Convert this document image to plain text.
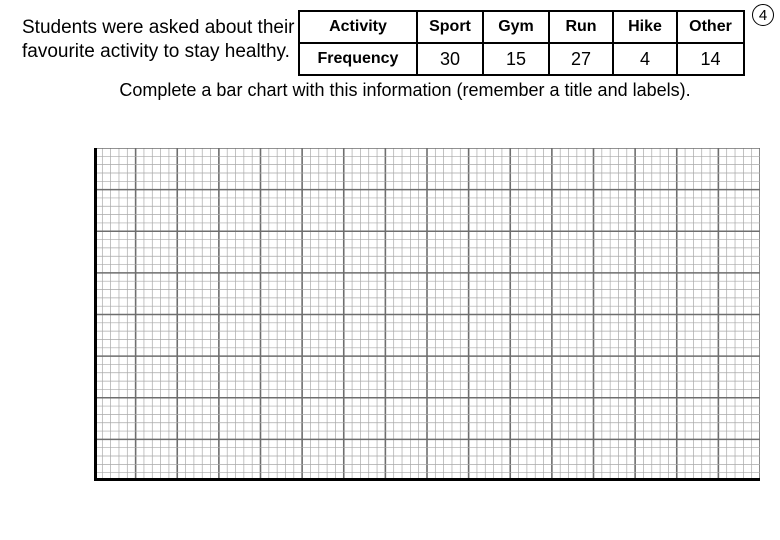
Students were asked about their
favourite activity to stay healthy.
Activity	Sport	Gym	Run	Hike	Other
Frequency	30	15	27	4	14
4
Complete a bar chart with this information (remember a title and labels).
